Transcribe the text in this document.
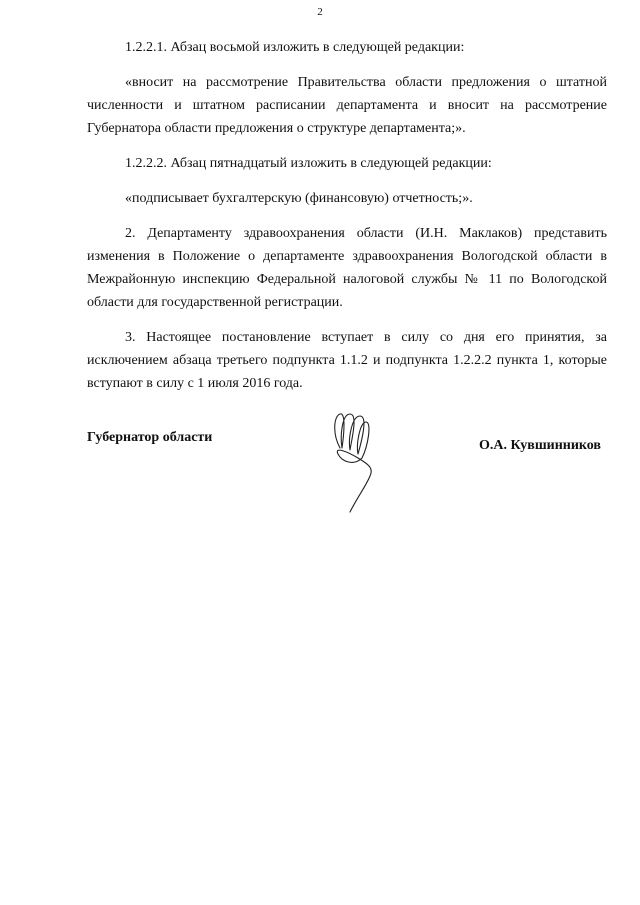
2

1.2.2.1. Абзац восьмой изложить в следующей редакции:

«вносит на рассмотрение Правительства области предложения о штатной численности и штатном расписании департамента и вносит на рассмотрение Губернатора области предложения о структуре департамента;».

1.2.2.2. Абзац пятнадцатый изложить в следующей редакции:

«подписывает бухгалтерскую (финансовую) отчетность;».

2. Департаменту здравоохранения области (И.Н. Маклаков) представить изменения в Положение о департаменте здравоохранения Вологодской области в Межрайонную инспекцию Федеральной налоговой службы № 11 по Вологодской области для государственной регистрации.

3. Настоящее постановление вступает в силу со дня его принятия, за исключением абзаца третьего подпункта 1.1.2 и подпункта 1.2.2.2 пункта 1, которые вступают в силу с 1 июля 2016 года.

Губернатор области
О.А. Кувшинников
